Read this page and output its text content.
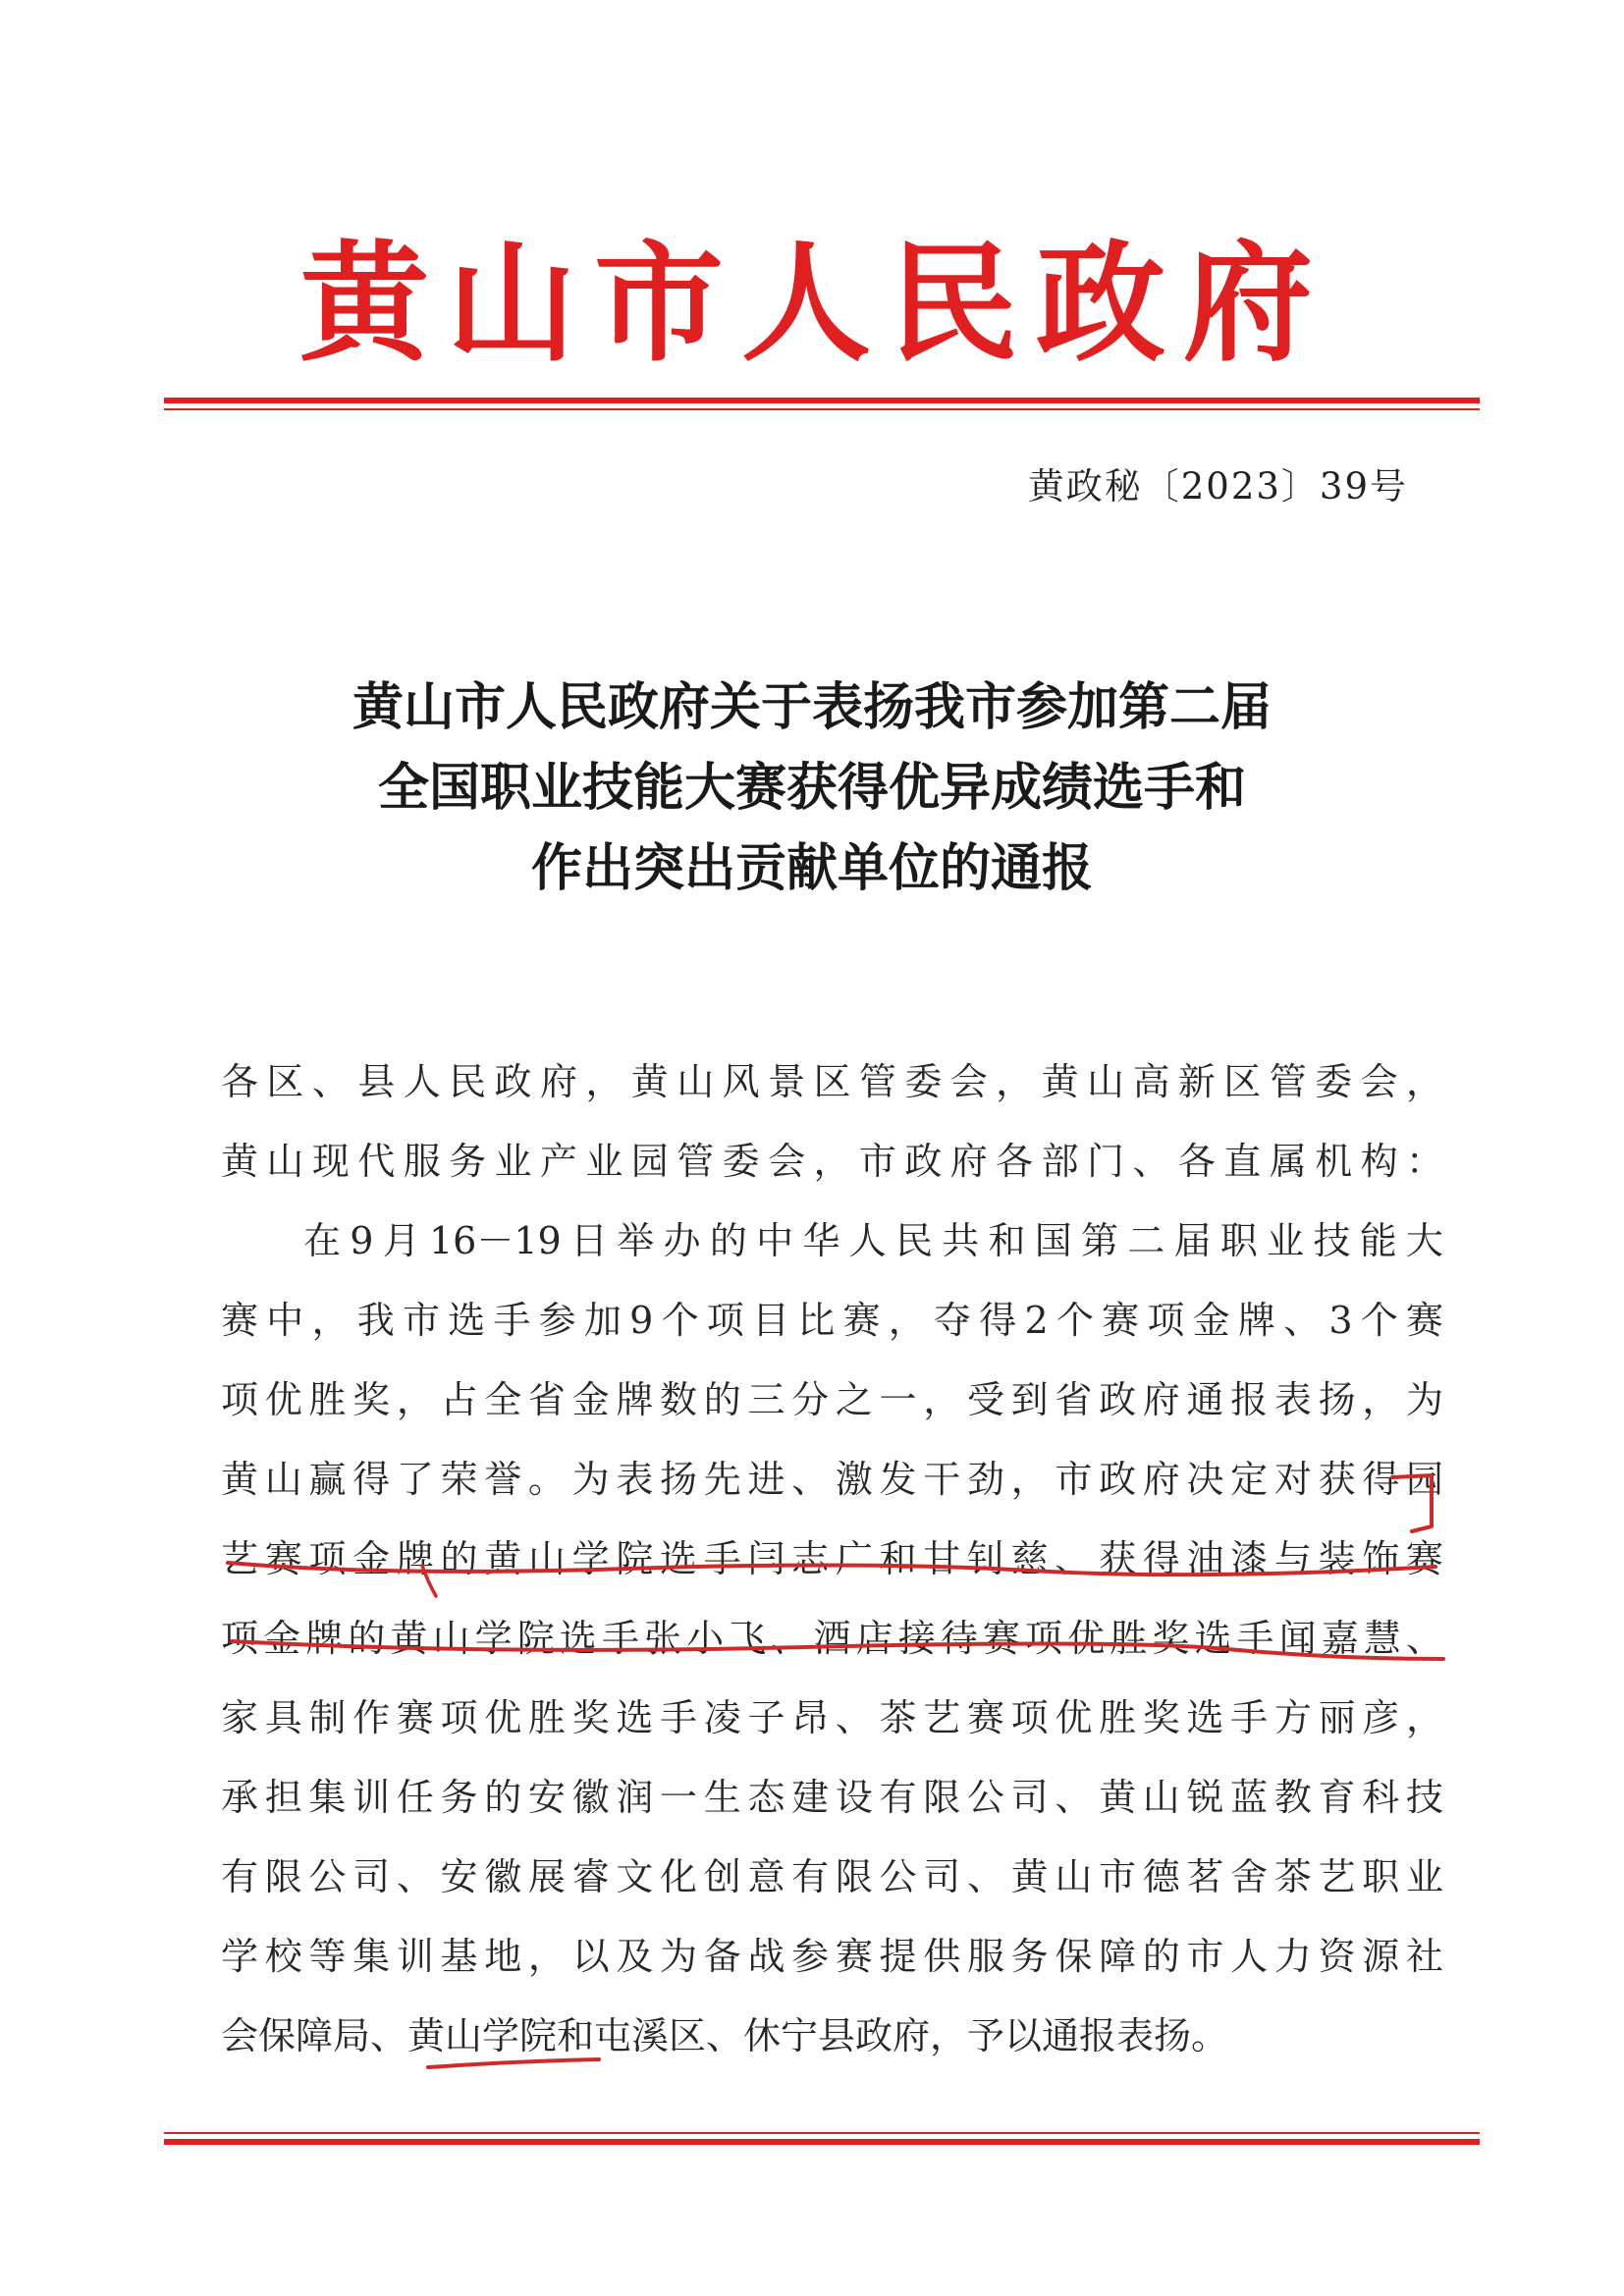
黄山市人民政府
黄政秘〔2023〕39号
黄山市人民政府关于表扬我市参加第二届
全国职业技能大赛获得优异成绩选手和
作出突出贡献单位的通报
各区、县人民政府，黄山风景区管委会，黄山高新区管委会，
黄山现代服务业产业园管委会，市政府各部门、各直属机构：
在9月16－19日举办的中华人民共和国第二届职业技能大
赛中，我市选手参加9个项目比赛，夺得2个赛项金牌、3个赛
项优胜奖，占全省金牌数的三分之一，受到省政府通报表扬，为
黄山赢得了荣誉。为表扬先进、激发干劲，市政府决定对获得园
艺赛项金牌的黄山学院选手闫志广和甘钊慈、获得油漆与装饰赛
项金牌的黄山学院选手张小飞、酒店接待赛项优胜奖选手闻嘉慧、
家具制作赛项优胜奖选手凌子昂、茶艺赛项优胜奖选手方丽彦，
承担集训任务的安徽润一生态建设有限公司、黄山锐蓝教育科技
有限公司、安徽展睿文化创意有限公司、黄山市德茗舍茶艺职业
学校等集训基地，以及为备战参赛提供服务保障的市人力资源社
会保障局、黄山学院和屯溪区、休宁县政府，予以通报表扬。
